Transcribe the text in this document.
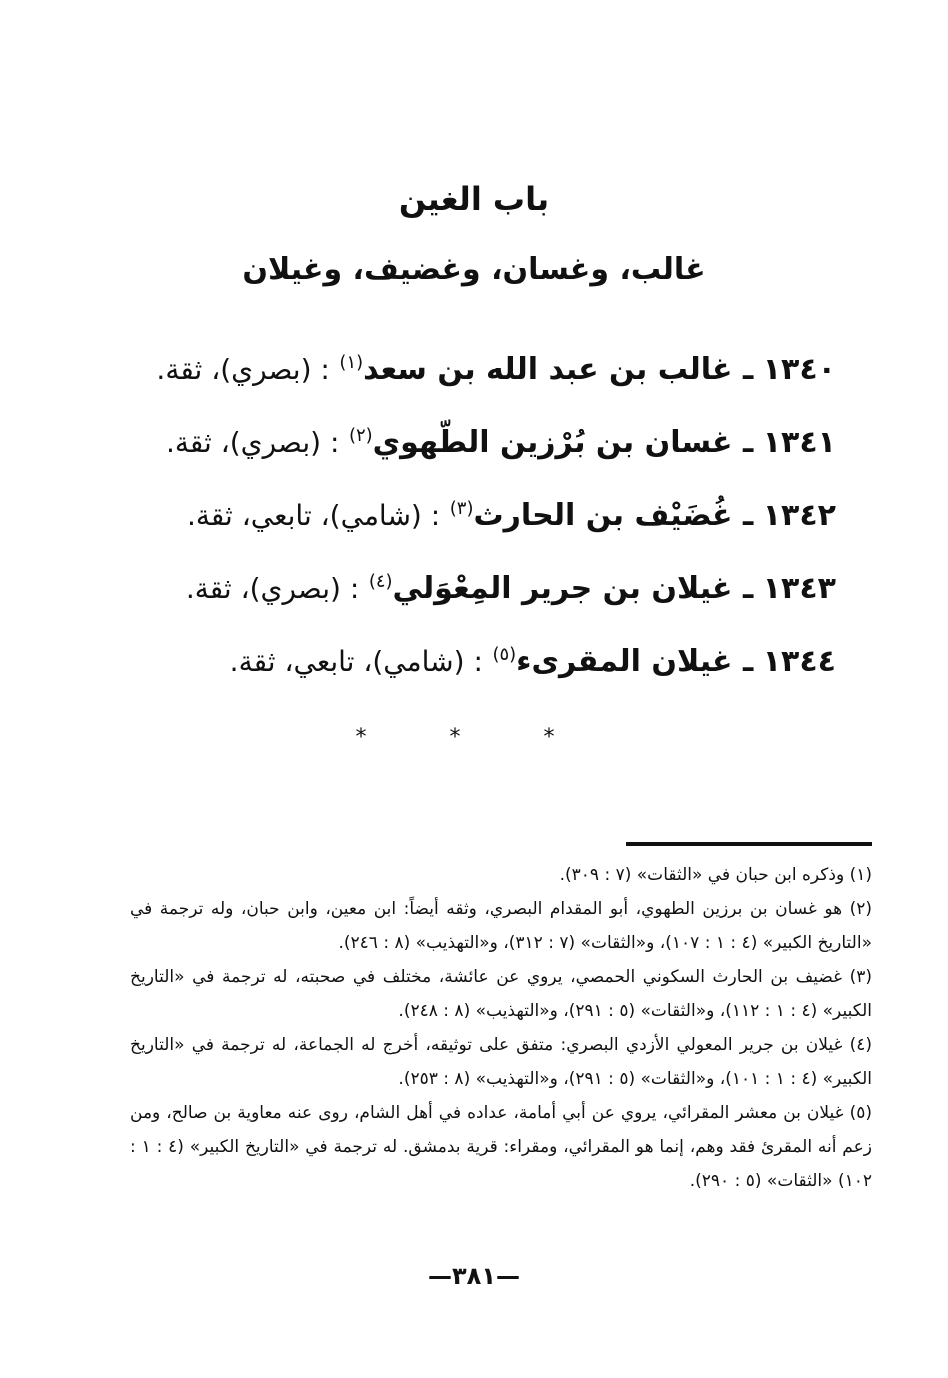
باب الغين
غالب، وغسان، وغضيف، وغيلان
١٣٤٠ ـ غالب بن عبد الله بن سعد$^{(١)}$ : (بصري)، ثقة.
١٣٤١ ـ غسان بن بُرْزين الطّهوي$^{(٢)}$ : (بصري)، ثقة.
١٣٤٢ ـ غُضَيْف بن الحارث$^{(٣)}$ : (شامي)، تابعي، ثقة.
١٣٤٣ ـ غيلان بن جرير المِعْوَلي$^{(٤)}$ : (بصري)، ثقة.
١٣٤٤ ـ غيلان المقرىء$^{(٥)}$ : (شامي)، تابعي، ثقة.
* * *
(١) وذكره ابن حبان في «الثقات» (٧ : ٣٠٩).
(٢) هو غسان بن برزين الطهوي، أبو المقدام البصري، وثقه أيضاً: ابن معين، وابن حبان، وله ترجمة في «التاريخ الكبير» (٤ : ١ : ١٠٧)، و«الثقات» (٧ : ٣١٢)، و«التهذيب» (٨ : ٢٤٦).
(٣) غضيف بن الحارث السكوني الحمصي، يروي عن عائشة، مختلف في صحبته، له ترجمة في «التاريخ الكبير» (٤ : ١ : ١١٢)، و«الثقات» (٥ : ٢٩١)، و«التهذيب» (٨ : ٢٤٨).
(٤) غيلان بن جرير المعولي الأزدي البصري: متفق على توثيقه، أخرج له الجماعة، له ترجمة في «التاريخ الكبير» (٤ : ١ : ١٠١)، و«الثقات» (٥ : ٢٩١)، و«التهذيب» (٨ : ٢٥٣).
(٥) غيلان بن معشر المقرائي، يروي عن أبي أمامة، عداده في أهل الشام، روى عنه معاوية بن صالح، ومن زعم أنه المقرئ فقد وهم، إنما هو المقرائي، ومقراء: قرية بدمشق. له ترجمة في «التاريخ الكبير» (٤ : ١ : ١٠٢) «الثقات» (٥ : ٢٩٠).
—٣٨١—
